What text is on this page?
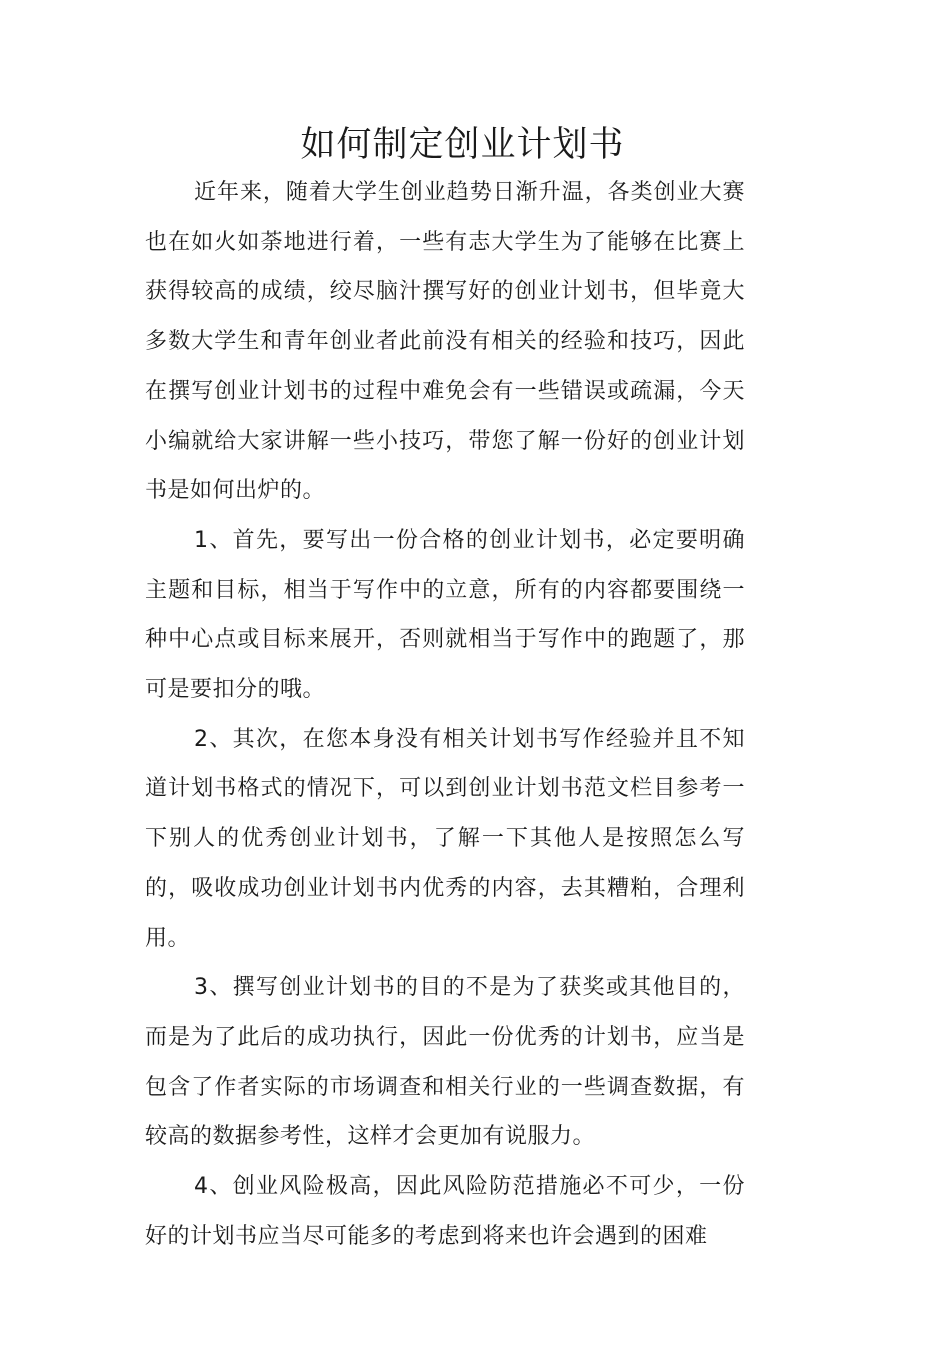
如何制定创业计划书

近年来，随着大学生创业趋势日渐升温，各类创业大赛也在如火如荼地进行着，一些有志大学生为了能够在比赛上获得较高的成绩，绞尽脑汁撰写好的创业计划书，但毕竟大多数大学生和青年创业者此前没有相关的经验和技巧，因此在撰写创业计划书的过程中难免会有一些错误或疏漏，今天小编就给大家讲解一些小技巧，带您了解一份好的创业计划书是如何出炉的。

1、首先，要写出一份合格的创业计划书，必定要明确主题和目标，相当于写作中的立意，所有的内容都要围绕一种中心点或目标来展开，否则就相当于写作中的跑题了，那可是要扣分的哦。

2、其次，在您本身没有相关计划书写作经验并且不知道计划书格式的情况下，可以到创业计划书范文栏目参考一下别人的优秀创业计划书，了解一下其他人是按照怎么写的，吸收成功创业计划书内优秀的内容，去其糟粕，合理利用。

3、撰写创业计划书的目的不是为了获奖或其他目的，而是为了此后的成功执行，因此一份优秀的计划书，应当是包含了作者实际的市场调查和相关行业的一些调查数据，有较高的数据参考性，这样才会更加有说服力。

4、创业风险极高，因此风险防范措施必不可少，一份好的计划书应当尽可能多的考虑到将来也许会遇到的困难
